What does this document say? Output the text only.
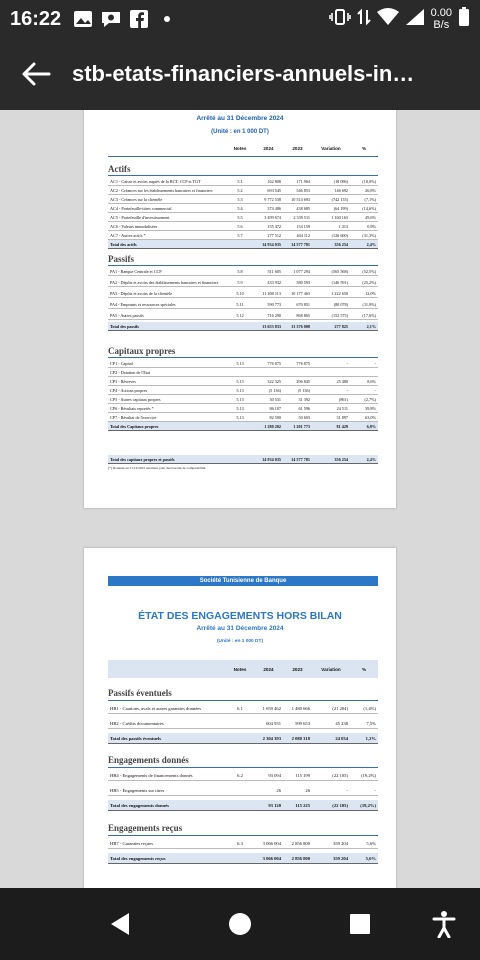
16:22	0.00
B/s
stb-etats-financiers-annuels-in…
Arrêté au 31 Décembre 2024
(Unité : en 1 000 DT)
Notes	2024	2023	Variation	%
Actifs
AC1 - Caisse et avoirs auprès de la BCT, CCP et TGT	5.1	162 808	171 904	(18 096)	(10,0%)
AC2 - Créances sur les établissements bancaires et financiers	5.2	693 545	546 853	146 692	26,8%
AC3 - Créances sur la clientèle	5.3	9 772 538	10 514 693	(742 155)	(7,1%)
AC4 - Portefeuille-titres commercial	5.4	374 486	438 685	(64 199)	(14,6%)
AC5 - Portefeuille d'investissement	5.5	3 499 674	2 339 511	1 160 163	49,6%
AC6 - Valeurs immobilisées	5.6	155 472	154 159	1 313	0,9%
AC7 - Autres actifs *	5.7	277 512	404 112	(126 600)	(31,3%)
Total des actifs	14 934 035	14 577 781	356 254	2,4%
Passifs
PA1 - Banque Centrale et CCP	5.8	511 605	1 077 294	(565 568)	(52,5%)
PA2 - Dépôts et avoirs des établissements bancaires et financiers	5.9	433 932	580 593	(146 591)	(25,2%)
PA3 - Dépôts et avoirs de la clientèle	5.10	11 400 113	10 177 463	1 222 650	12,0%
PA4 - Emprunts et ressources spéciales	5.11	590 773	670 851	(80 078)	(11,9%)
PA5 - Autres passifs	5.12	716 290	868 865	(152 575)	(17,6%)
Total des passifs	13 653 833	13 376 008	277 825	2,1%
Capitaux propres
CP1 - Capital	5.13	776 875	776 875	-	-
CP2 - Dotation de l'Etat
CP3 - Réserves	5.13	322 325	296 845	25 480	8,6%
CP4 - Actions propres	5.13	(5 136)	(5 136)	-	-
CP5 - Autres capitaux propres	5.13	30 531	31 392	(861)	(2,7%)
CP6 - Résultats reportés *	5.13	86 107	61 596	24 511	39,8%
CP7 - Résultat de l'exercice	5.13	82 500	50 603	31 897	63,0%
Total des Capitaux propres	1 280 202	1 201 773	81 429	6,8%
Total des capitaux propres et passifs	14 934 035	14 577 781	356 254	2,4%
(*) Données au 31/12/2023 retraitées pour des besoins de comparabilité.
Société Tunisienne de Banque
ÉTAT DES ENGAGEMENTS HORS BILAN
Arrêté au 31 Décembre 2024
(Unité : en 1 000 DT)
Notes	2024	2023	Variation	%
Passifs éventuels
HB1 - Cautions, avals et autres garanties données	6.1	1 659 462	1 480 666	(21 204)	(1,4%)
HB2 - Crédits documentaires	604 931	599 653	45 238	7,5%
Total des passifs éventuels	2 304 393	2 080 318	24 034	1,2%
Engagements donnés
HB4 - Engagements de financements donnés	6.2	93 094	115 199	(22 105)	(19,2%)
HB5 - Engagements sur titres	26	26	-	-
Total des engagements donnés	93 120	115 225	(22 105)	(19,2%)
Engagements reçus
HB7 - Garanties reçues	6.3	3 066 004	2 856 800	359 204	5,6%
Total des engagements reçus	3 066 004	2 856 800	359 204	5,6%
